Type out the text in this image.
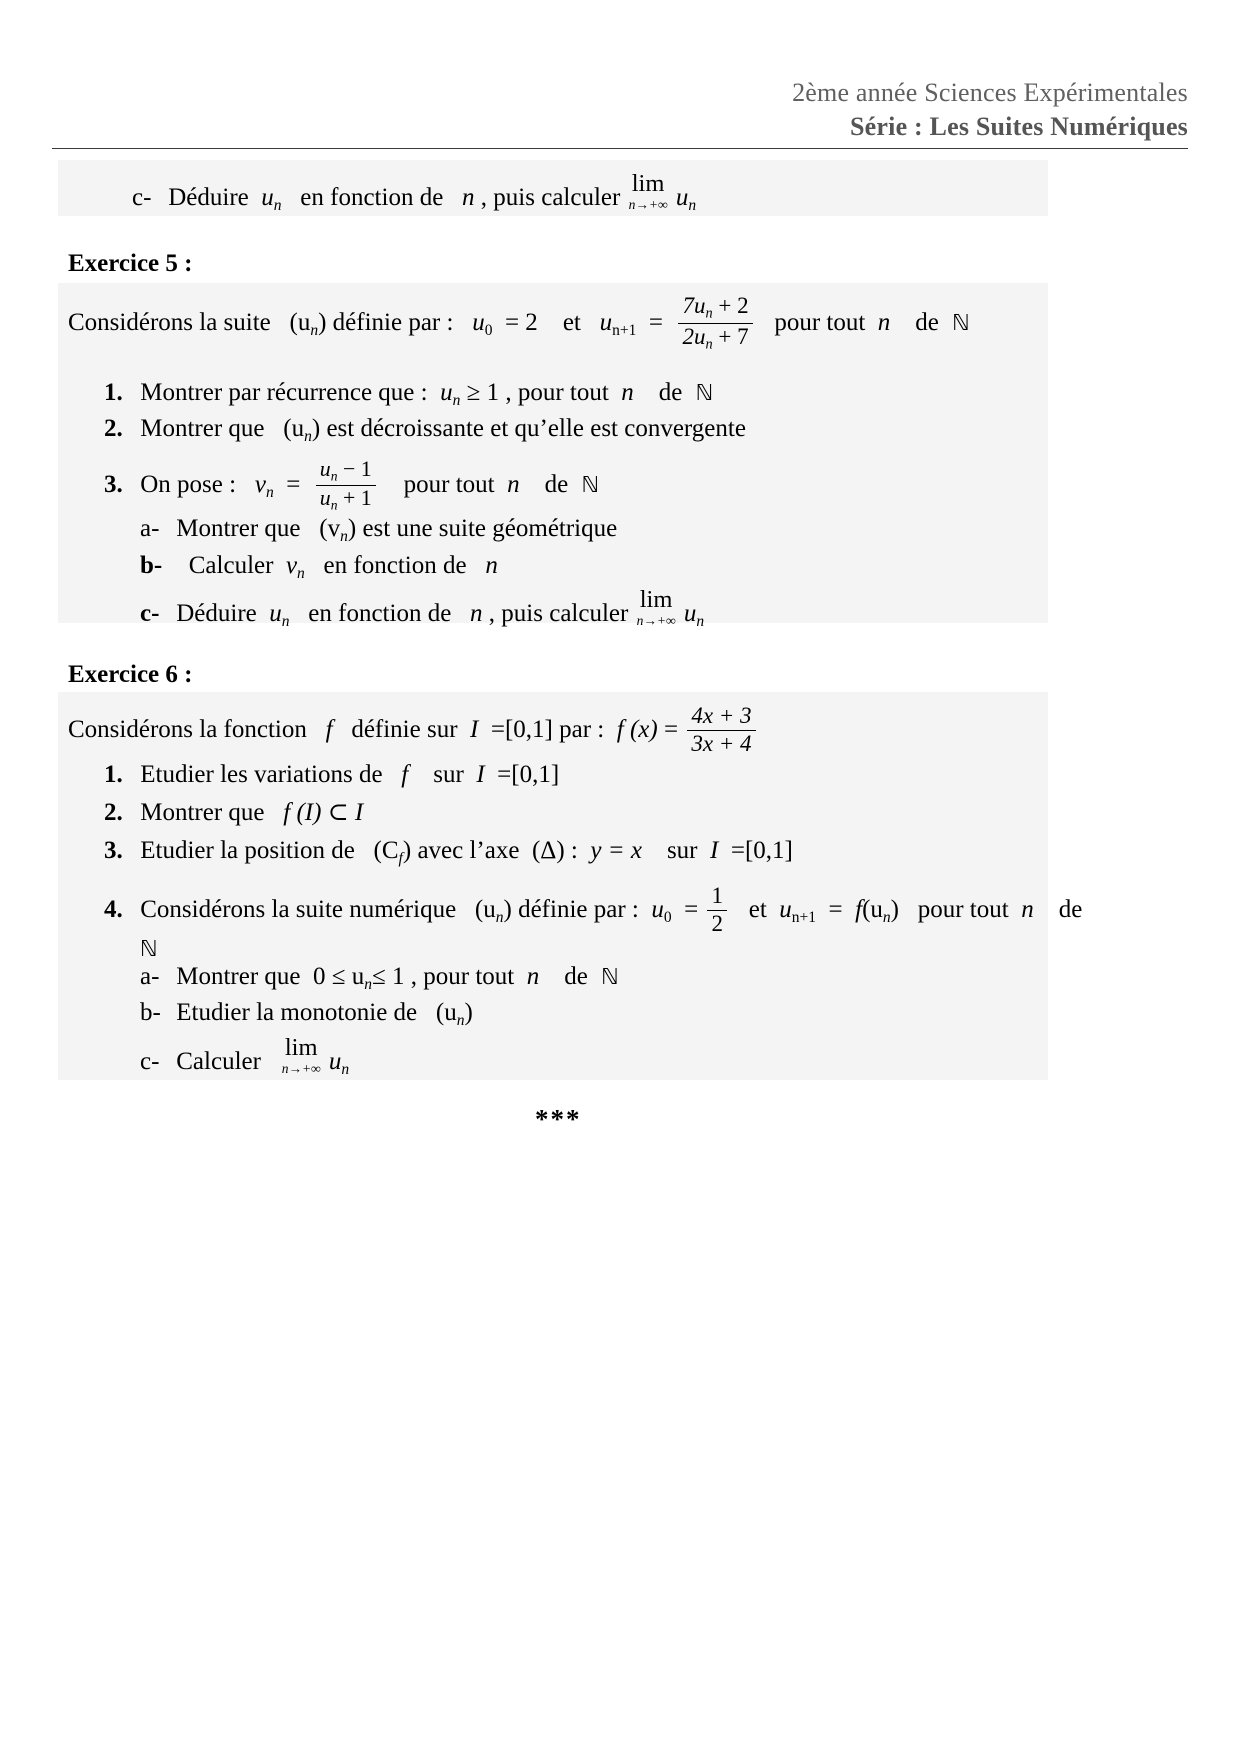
2ème année Sciences Expérimentales
Série : Les Suites Numériques
c- Déduire $u_n$ en fonction de n , puis calculer
lim
n→+∞ $u_n$
Exercice 5 :
Considérons la suite $(u_n)$ définie par : u0 = 2 et $un+1 = \frac{7u_n + 2}{2u_n + 7}$ pour tout n de ℕ
1. Montrer par récurrence que : $u_n \ge 1$ , pour tout n de ℕ
2. Montrer que $(u_n)$ est décroissante et qu’elle est convergente
3. On pose : $v_n = \frac{u_n - 1}{u_n + 1}$ pour tout n de ℕ
a- Montrer que $(v_n)$ est une suite géométrique
b- Calculer $v_n$ en fonction de n
c- Déduire $u_n$ en fonction de n , puis calculer
lim
n→+∞ $u_n$
Exercice 6 :
Considérons la fonction f définie sur I =[0,1] par : f $(x) = \frac{4x + 3}{3x + 4}$
1. Etudier les variations de f sur I =[0,1]
2. Montrer que f (I) ⊂ I
3. Etudier la position de $(C_f)$ avec l’axe (Δ) : y = x sur I =[0,1]
4. Considérons la suite numérique $(u_n)$ définie par : $u0 = \frac{1}{2}$ et $un+1 = f(u_n)$ pour tout n de
ℕ
a- Montrer que $0 \le u_n\le 1$ , pour tout n de ℕ
b- Etudier la monotonie de $(u_n)$
c- Calculer
lim
n→+∞ $u_n$
***
